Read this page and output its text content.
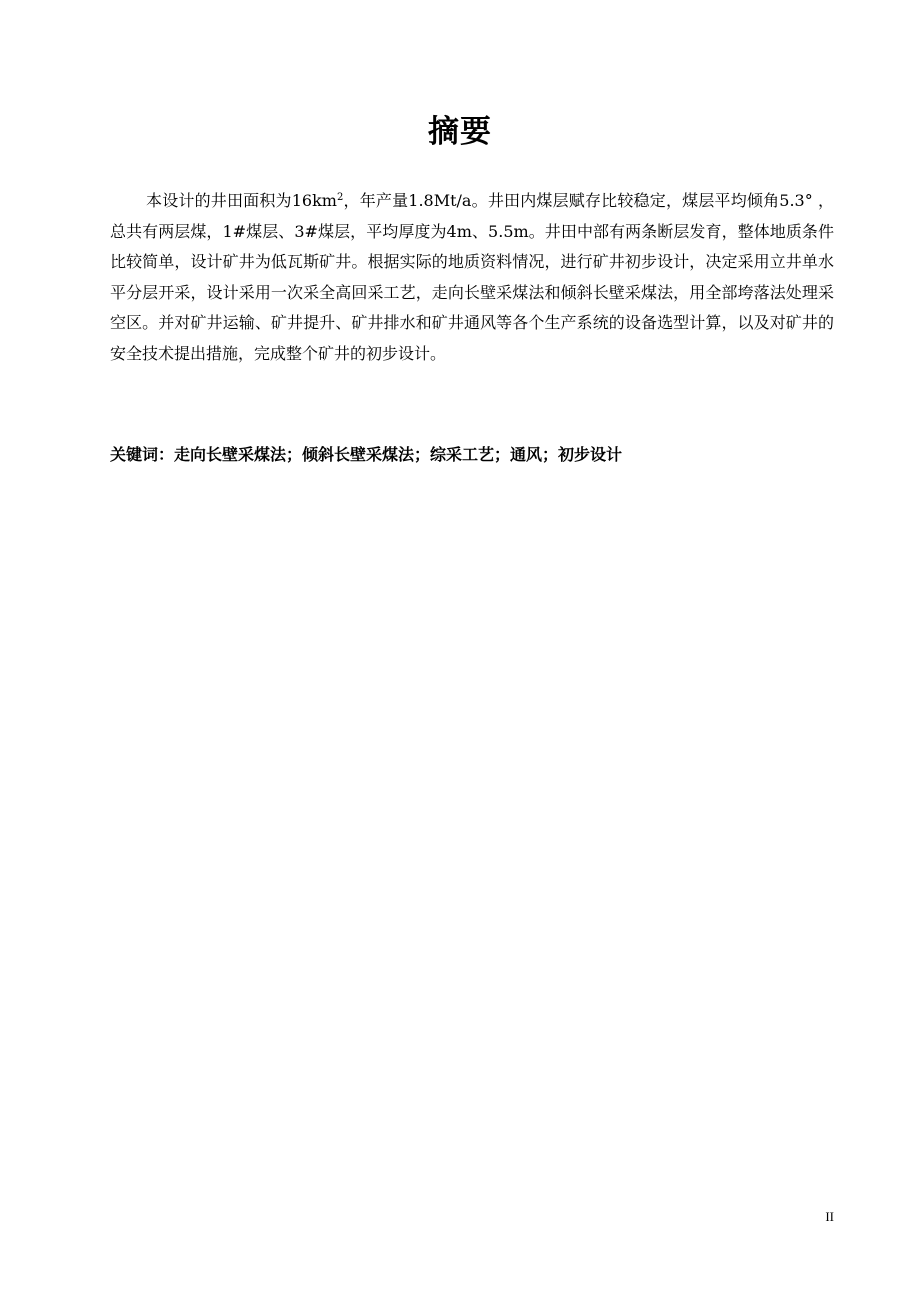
摘要

本设计的井田面积为$16km^2$，年产量1.8Mt/a。井田内煤层赋存比较稳定，煤层平均倾角5.3° ，总共有两层煤，1#煤层、3#煤层，平均厚度为4m、5.5m。井田中部有两条断层发育，整体地质条件比较简单，设计矿井为低瓦斯矿井。根据实际的地质资料情况，进行矿井初步设计，决定采用立井单水平分层开采，设计采用一次采全高回采工艺，走向长壁采煤法和倾斜长壁采煤法，用全部垮落法处理采空区。并对矿井运输、矿井提升、矿井排水和矿井通风等各个生产系统的设备选型计算，以及对矿井的安全技术提出措施，完成整个矿井的初步设计。

关键词：走向长壁采煤法；倾斜长壁采煤法；综采工艺；通风；初步设计

II
